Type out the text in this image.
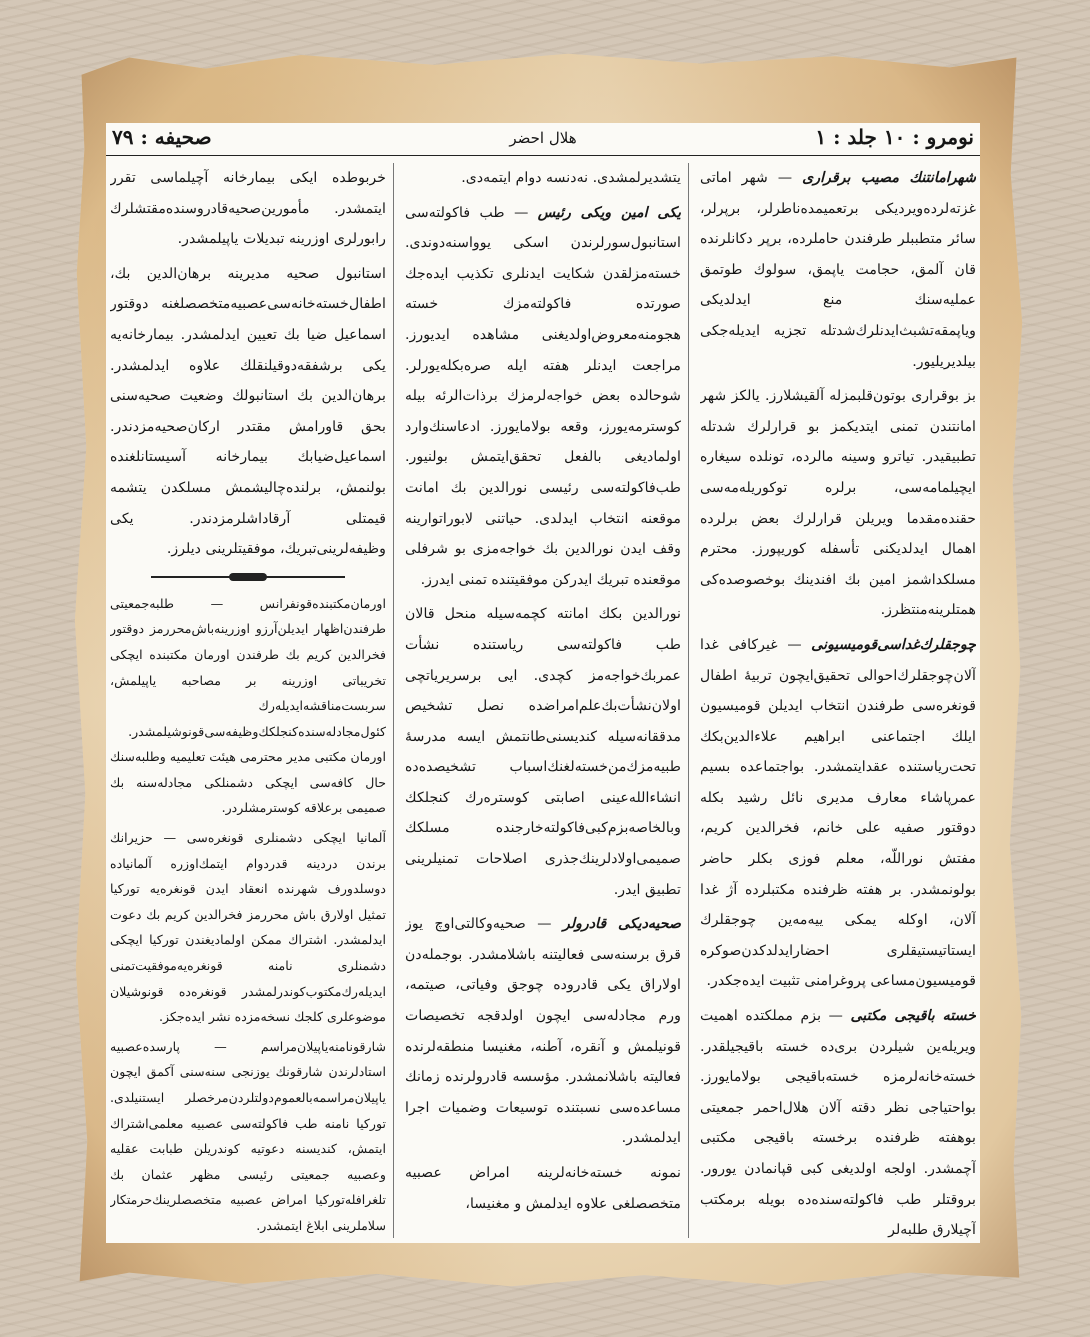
نومرو : ١٠ جلد : ١
هلال احضر
صحیفه : ٧٩

شهرامانتنك مصیب برقراری — شهر اماتی غزته‌لرده‌ویردیکی برتعمیمده‌ناطرلر، برپرلر، سائر متطببلر طرفندن حاملرده، برپر دکانلرنده قان آلمق، حجامت یاپمق، سولوك طوتمق عملیه‌سنك منع ایدلدیکی ویاپمقه‌تشبث‌ایدنلرك‌شدتله تجزیه ایدیله‌جکی بیلدیریلیور.

بز بوقراری بوتون‌قلبمزله آلقیشلارز. یالکز شهر امانتندن تمنی ایتدیکمز بو قرارلرك شدتله تطبیقیدر. تیاترو وسینه مالرده، تونلده سیغاره ایچیلمامه‌سی، برلره توکوریله‌مه‌سی حقنده‌مقدما ویریلن قرارلرك بعض برلرده اهمال ایدلدیکنی تأسفله کوریپورز. محترم مسلکداشمز امین بك افندینك بوخصوصده‌کی همتلرینه‌منتظرز.

چوجقلرك‌غداسی‌قومیسیونی — غیرکافی غدا آلان‌چوجقلرك‌احوالی تحقیق‌ایچون تربیهٔ اطفال قونغره‌سی طرفندن انتخاب ایدیلن قومیسیون ایلك اجتماعنی ابراهیم علاءالدین‌بکك تحت‌ریاستنده عقدایتمشدر. بواجتماعده بسیم عمرپاشاء معارف مدیری نائل رشید بکله دوقتور صفیه علی خانم، فخرالدین کریم، مفتش نوراللّه، معلم فوزی بکلر حاضر بولونمشدر. بر هفته ظرفنده مکتبلرده آژ غدا آلان، اوکله یمکی ییه‌مه‌ین چوجقلرك ایستاتیستیقلری احضارایدلدکدن‌صوکره قومیسیون‌مساعی پروغرامنی تثبیت ایده‌جکدر.

خسته باقیجی مکتبی — بزم مملکتده اهمیت ویریله‌ین شیلردن بری‌ده خسته باقیجیلقدر. خسته‌خانه‌لرمزه خسته‌باقیجی بولامایورز. بواحتیاجی نظر دقته آلان هلال‌احمر جمعیتی بوهفته ظرفنده برخسته باقیجی مکتبی آچمشدر. اولجه اولدیغی کبی قپانمادن یورور. بروقتلر طب فاکولته‌سنده‌ده بویله برمکتب آچیلارق طلبه‌لر

یتشدیرلمشدی. نه‌دنسه دوام ایتمه‌دی.

یکی امین ویکی رئیس — طب فاکولته‌سی استانبول‌سورلرندن اسکی یوواسنه‌دوندی. خسته‌مزلقدن شکایت ایدنلری تکذیب ایده‌جك صورتده فاکولته‌مزك خسته هجومنه‌معروض‌اولدیغنی مشاهده ایدیورز. مراجعت ایدنلر هفته ایله صره‌بکله‌یورلر. شوحالده بعض خواجه‌لرمزك برذات‌الرئه بیله کوسترمه‌یورز، وقعه بولامایورز. ادعاسنك‌وارد اولمادیغی بالفعل تحقق‌ایتمش بولنیور. طب‌فاکولته‌سی رئیسی نورالدین بك امانت موقعنه انتخاب ایدلدی. حیاتنی لابوراتوارینه وقف ایدن نورالدین بك خواجه‌مزی بو شرفلی موقعنده تبریك ایدرکن موفقیتنده تمنی ایدرز.

نورالدین بکك امانته کچمه‌سیله منحل قالان طب فاکولته‌سی ریاستنده نشأت عمربك‌خواجه‌مز کچدی. ایی برسریریاتچی اولان‌نشأت‌بك‌علم‌امراضده نصل تشخیص مدققانه‌سیله کندیسنی‌طانتمش ایسه مدرسهٔ طبیه‌مزك‌من‌خسته‌لغنك‌اسباب تشخیصده‌ده انشاءالله‌عینی اصابتی کوستره‌رك کنجلکك وبالخاصه‌بزم‌کبی‌فاکولته‌خارجنده مسلکك صمیمی‌اولادلرینك‌جذری اصلاحات تمنیلرینی تطبیق ایدر.

صحیه‌دیکی قادرولر — صحیه‌وکالتی‌اوچ یوز قرق برسنه‌سی فعالیتنه باشلامشدر. بوجمله‌دن اولاراق یکی قادروده چوجق وفیاتی، صیتمه، ورم مجادله‌سی ایچون اولدقجه تخصیصات قونیلمش و آنقره، آطنه، مغنیسا منطقه‌لرنده فعالیته باشلانمشدر. مؤسسه قادرولرنده زمانك مساعده‌سی نسبتنده توسیعات وضمیات اجرا ایدلمشدر.

نمونه خسته‌خانه‌لرینه امراض عصبیه متخصصلغی علاوه ایدلمش و مغنیسا،

خربوطده ایکی بیمارخانه آچیلماسی تقرر ایتمشدر. مأمورین‌صحیه‌قادروسنده‌مقتشلرك رابورلری اوزرینه تبدیلات یاپیلمشدر.

استانبول صحیه مدیرینه برهان‌الدین بك، اطفال‌خسته‌خانه‌سی‌عصبیه‌متخصصلغنه دوقتور اسماعیل ضیا بك تعیین ایدلمشدر. بیمارخانه‌یه یکی برشفقه‌دوقیلنقلك علاوه ایدلمشدر. برهان‌الدین بك استانبولك وضعیت صحیه‌سنی بحق قاورامش مقتدر ارکان‌صحیه‌مزدندر. اسماعیل‌ضیابك بیمارخانه آسیستانلغنده بولنمش، برلنده‌چالیشمش مسلکدن یتشمه قیمتلی آرقاداشلرمزدندر. یکی وظیفه‌لرینی‌تبریك، موفقیتلرینی دیلرز.

اورمان‌مکتبنده‌قونفرانس — طلبه‌جمعیتی طرفندن‌اظهار ایدیلن‌آرزو اوزرینه‌باش‌محررمز دوقتور فخرالدین کریم بك طرفندن اورمان مکتبنده ایچکی تخریباتی اوزرینه بر مصاحبه یاپیلمش، سربست‌مناقشه‌ایدیله‌رك کئول‌مجادله‌سنده‌کنجلکك‌وظیفه‌سی‌قونوشیلمشدر. اورمان مکتبی مدیر محترمی هیئت تعلیمیه وطلبه‌سنك حال کافه‌سی ایچکی دشمنلکی مجادله‌سنه بك صمیمی برعلاقه کوسترمشلردر.

آلمانیا ایچکی دشمنلری قونغره‌سی — حزیرانك برندن دردینه قدردوام ایتمك‌اوزره آلمانیاده دوسلدورف شهرنده انعقاد ایدن قونغره‌یه تورکیا تمثیل اولارق باش محررمز فخرالدین کریم بك دعوت ایدلمشدر. اشتراك ممکن اولمادیغندن تورکیا ایچکی دشمنلری نامنه قونغره‌یه‌موفقیت‌تمنی ایدیله‌رك‌مکتوب‌کوندرلمشدر قونغره‌ده قونوشیلان موضوعلری کلجك نسخه‌مزده نشر ایده‌جکز.

شارقونامنه‌یاپیلان‌مراسم — پارسده‌عصبیه استادلرندن شارقونك یوزنجی سنه‌سنی آکمق ایچون یاپیلان‌مراسمه‌بالعموم‌دولتلردن‌مرخصلر ایستنیلدی. تورکیا نامنه طب فاکولته‌سی عصبیه معلمی‌اشتراك ایتمش، کندیسنه دعوتیه کوندریلن طبابت عقلیه وعصبیه جمعیتی رئیسی مظهر عثمان بك تلغرافله‌تورکیا امراض عصبیه متخصصلرینك‌حرمتکار سلاملرینی ابلاغ ایتمشدر.
